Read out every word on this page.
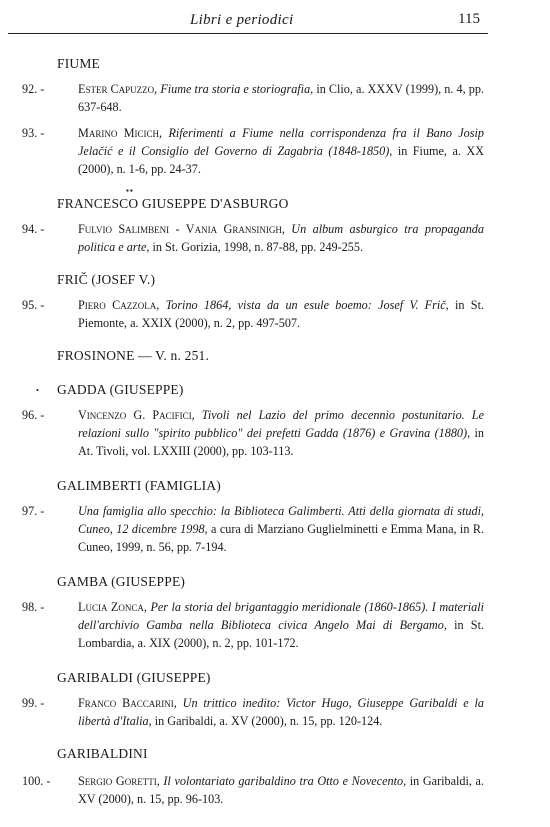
Libri e periodici	115
▪▪
•
FIUME
92. -	Ester Capuzzo, Fiume tra storia e storiografia, in Clio, a. XXXV (1999), n. 4, pp. 637-648.
93. -	Marino Micich, Riferimenti a Fiume nella corrispondenza fra il Bano Josip Jelačić e il Consiglio del Governo di Zagabria (1848-1850), in Fiume, a. XX (2000), n. 1-6, pp. 24-37.
FRANCESCO GIUSEPPE D'ASBURGO
94. -	Fulvio Salimbeni - Vania Gransinigh, Un album asburgico tra propaganda politica e arte, in St. Gorizia, 1998, n. 87-88, pp. 249-255.
FRIČ (JOSEF V.)
95. -	Piero Cazzola, Torino 1864, vista da un esule boemo: Josef V. Frič, in St. Piemonte, a. XXIX (2000), n. 2, pp. 497-507.
FROSINONE — V. n. 251.
GADDA (GIUSEPPE)
96. -	Vincenzo G. Pacifici, Tivoli nel Lazio del primo decennio postunitario. Le relazioni sullo "spirito pubblico" dei prefetti Gadda (1876) e Gravina (1880), in At. Tivoli, vol. LXXIII (2000), pp. 103-113.
GALIMBERTI (FAMIGLIA)
97. -	Una famiglia allo specchio: la Biblioteca Galimberti. Atti della giornata di studi, Cuneo, 12 dicembre 1998, a cura di Marziano Guglielminetti e Emma Mana, in R. Cuneo, 1999, n. 56, pp. 7-194.
GAMBA (GIUSEPPE)
98. -	Lucia Zonca, Per la storia del brigantaggio meridionale (1860-1865). I materiali dell'archivio Gamba nella Biblioteca civica Angelo Mai di Bergamo, in St. Lombardia, a. XIX (2000), n. 2, pp. 101-172.
GARIBALDI (GIUSEPPE)
99. -	Franco Baccarini, Un trittico inedito: Victor Hugo, Giuseppe Garibaldi e la libertà d'Italia, in Garibaldi, a. XV (2000), n. 15, pp. 120-124.
GARIBALDINI
100. -	Sergio Goretti, Il volontariato garibaldino tra Otto e Novecento, in Garibaldi, a. XV (2000), n. 15, pp. 96-103.
